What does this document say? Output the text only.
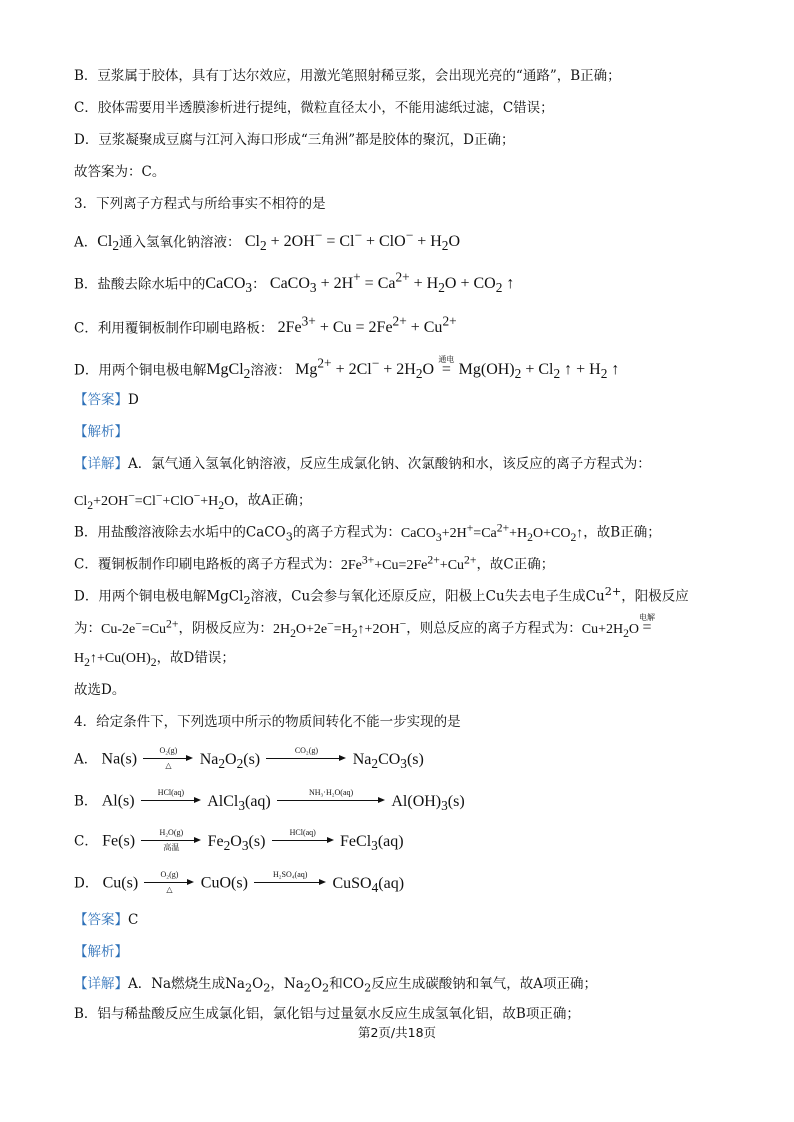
B．豆浆属于胶体，具有丁达尔效应，用激光笔照射稀豆浆，会出现光亮的“通路”，B正确；
C．胶体需要用半透膜渗析进行提纯，微粒直径太小，不能用滤纸过滤，C错误；
D．豆浆凝聚成豆腐与江河入海口形成“三角洲”都是胶体的聚沉，D正确；
故答案为：C。
3．下列离子方程式与所给事实不相符的是
A．$Cl_2$通入氢氧化钠溶液： $Cl_2 + 2OH^- = Cl^- + ClO^- + H_2O$
B．盐酸去除水垢中的CaCO$_3$： CaCO$_3$ + $2H^+ = Ca^{2+} + H_2O + CO_2$ ↑
C．利用覆铜板制作印刷电路板： $2Fe^{3+} + Cu = 2Fe^{2+} + Cu^{2+}$
D．用两个铜电极电解MgCl$_2$溶液： $Mg^{2+} + 2Cl^- + 2H_2O$
通电
= $Mg(OH)_2 + Cl_2$ ↑ + $H_2$ ↑
【答案】D
【解析】
【详解】A．氯气通入氢氧化钠溶液，反应生成氯化钠、次氯酸钠和水，该反应的离子方程式为：
$Cl_2+2OH^-=Cl^-+ClO^-+H_2O$，故A正确；
B．用盐酸溶液除去水垢中的CaCO$_3$的离子方程式为：$CaCO_3+2H^+=Ca^{2+}+H_2O+CO_2↑$，故B正确；
C．覆铜板制作印刷电路板的离子方程式为：$2Fe^{3+}+Cu=2Fe^{2+}+Cu^{2+}$，故C正确；
D．用两个铜电极电解MgCl$_2$溶液，Cu会参与氧化还原反应，阳极上Cu失去电子生成$Cu^{2+}$，阳极反应
为：$Cu-2e^-=Cu^{2+}$，阴极反应为：$2H_2O+2e^-=H_2↑+2OH^-$，则总反应的离子方程式为：$Cu+2H_2O$
电解
=
$H_2↑+Cu(OH)_2$，故D错误；
故选D。
4．给定条件下，下列选项中所示的物质间转化不能一步实现的是
A． Na(s)	O₂(g)
△ $Na_2O_2(s)$	CO₂(g) $Na_2CO_3(s)$
B． Al(s)	HCl(aq) AlCl$_3$(aq)	NH₃·H₂O(aq) $Al(OH)_3(s)$
C． Fe(s)	H₂O(g)
高温 $Fe_2O_3(s)$	HCl(aq) FeCl$_3$(aq)
D． Cu(s)	O₂(g)
△ CuO(s)	H₂SO₄(aq) CuSO$_4$(aq)
【答案】C
【解析】
【详解】A．Na燃烧生成$Na_2O_2$，$Na_2O_2$和$CO_2$反应生成碳酸钠和氧气，故A项正确；
B．铝与稀盐酸反应生成氯化铝，氯化铝与过量氨水反应生成氢氧化铝，故B项正确；
第2页/共18页
